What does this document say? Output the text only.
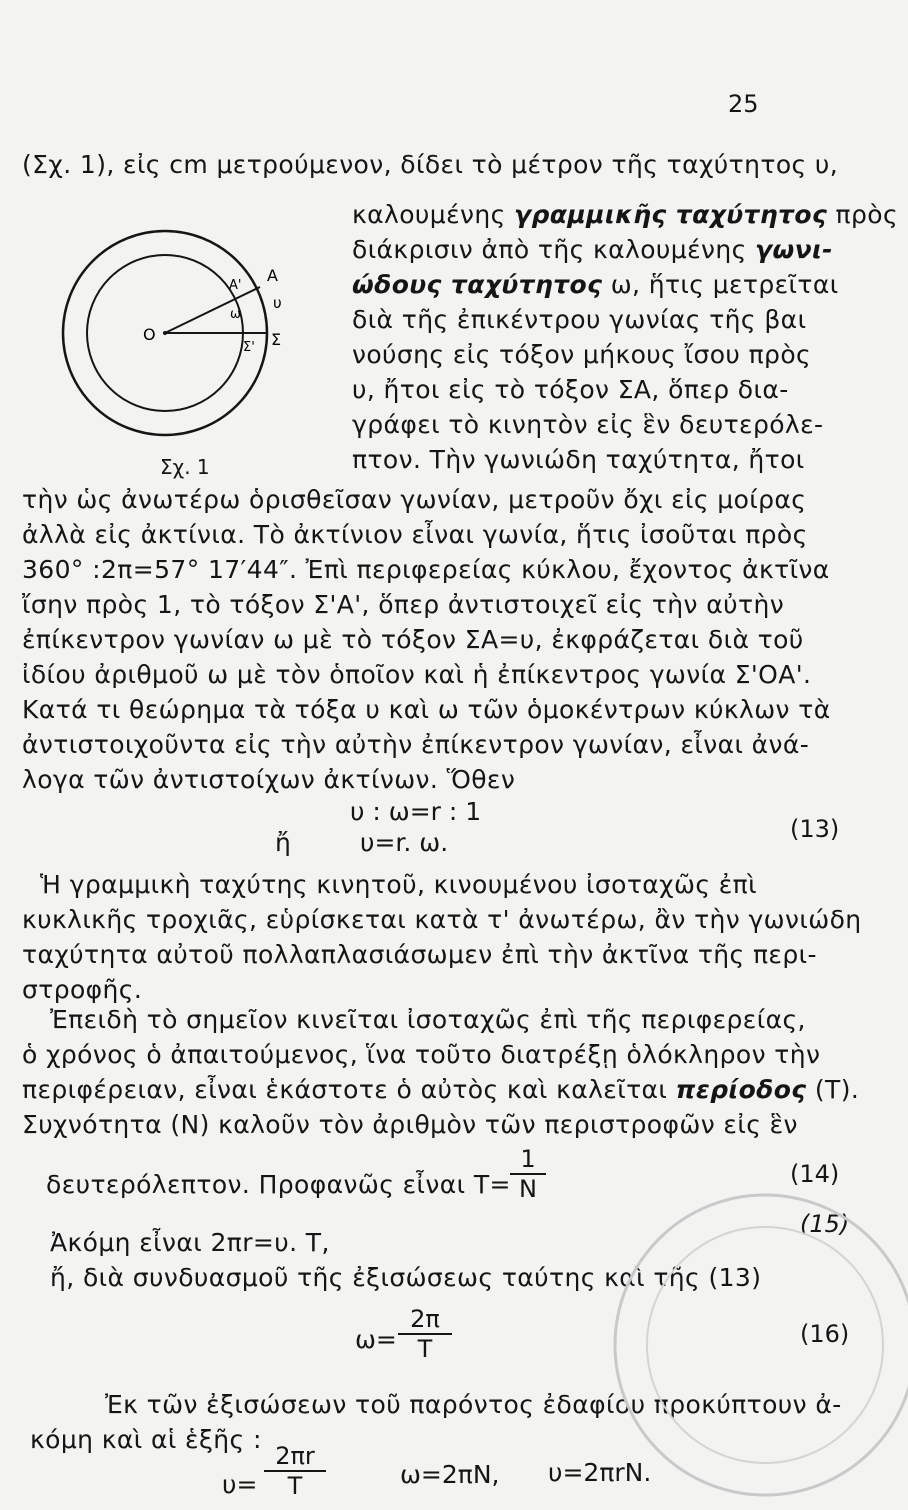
25
O
A'
A
ω
υ
Σ' Σ
Σχ. 1
(Σχ. 1), εἰς cm μετρούμενον, δίδει τὸ μέτρον τῆς ταχύτητος υ,
καλουμένης γραμμικῆς ταχύτητος πρὸς
διάκρισιν ἀπὸ τῆς καλουμένης γωνι-
ώδους ταχύτητος ω, ἥτις μετρεῖται
διὰ τῆς ἐπικέντρου γωνίας τῆς βαι
νούσης εἰς τόξον μήκους ἴσου πρὸς
υ, ἤτοι εἰς τὸ τόξον ΣΑ, ὅπερ δια-
γράφει τὸ κινητὸν εἰς ἓν δευτερόλε-
πτον. Τὴν γωνιώδη ταχύτητα, ἤτοι
τὴν ὡς ἀνωτέρω ὁρισθεῖσαν γωνίαν, μετροῦν ὄχι εἰς μοίρας
ἀλλὰ εἰς ἀκτίνια. Τὸ ἀκτίνιον εἶναι γωνία, ἥτις ἰσοῦται πρὸς
360° :2π=57° 17′44″. Ἐπὶ περιφερείας κύκλου, ἔχοντος ἀκτῖνα
ἴσην πρὸς 1, τὸ τόξον Σ'Α', ὅπερ ἀντιστοιχεῖ εἰς τὴν αὐτὴν
ἐπίκεντρον γωνίαν ω μὲ τὸ τόξον ΣΑ=υ, ἐκφράζεται διὰ τοῦ
ἰδίου ἀριθμοῦ ω μὲ τὸν ὁποῖον καὶ ἡ ἐπίκεντρος γωνία Σ'ΟΑ'.
Κατά τι θεώρημα τὰ τόξα υ καὶ ω τῶν ὁμοκέντρων κύκλων τὰ
ἀντιστοιχοῦντα εἰς τὴν αὐτὴν ἐπίκεντρον γωνίαν, εἶναι ἀνά-
λογα τῶν ἀντιστοίχων ἀκτίνων. Ὅθεν
υ : ω=r : 1
ἤ	υ=r. ω.	(13)
Ἡ γραμμικὴ ταχύτης κινητοῦ, κινουμένου ἰσοταχῶς ἐπὶ
κυκλικῆς τροχιᾶς, εὑρίσκεται κατὰ τ' ἀνωτέρω, ἂν τὴν γωνιώδη
ταχύτητα αὐτοῦ πολλαπλασιάσωμεν ἐπὶ τὴν ἀκτῖνα τῆς περι-
στροφῆς.
Ἐπειδὴ τὸ σημεῖον κινεῖται ἰσοταχῶς ἐπὶ τῆς περιφερείας,
ὁ χρόνος ὁ ἀπαιτούμενος, ἵνα τοῦτο διατρέξῃ ὁλόκληρον τὴν
περιφέρειαν, εἶναι ἑκάστοτε ὁ αὐτὸς καὶ καλεῖται περίοδος (Τ).
Συχνότητα (Ν) καλοῦν τὸν ἀριθμὸν τῶν περιστροφῶν εἰς ἓν
δευτερόλεπτον. Προφανῶς εἶναι Τ=
1
N
(14)
Ἀκόμη εἶναι 2πr=υ. Τ,
(15)
ἤ, διὰ συνδυασμοῦ τῆς ἐξισώσεως ταύτης καὶ τῆς (13)
ω=
2π
T
(16)
Ἐκ τῶν ἐξισώσεων τοῦ παρόντος ἐδαφίου προκύπτουν ἀ-
κόμη καὶ αἱ ἑξῆς :
υ=
2πr
T	ω=2πN, υ=2πrN.
